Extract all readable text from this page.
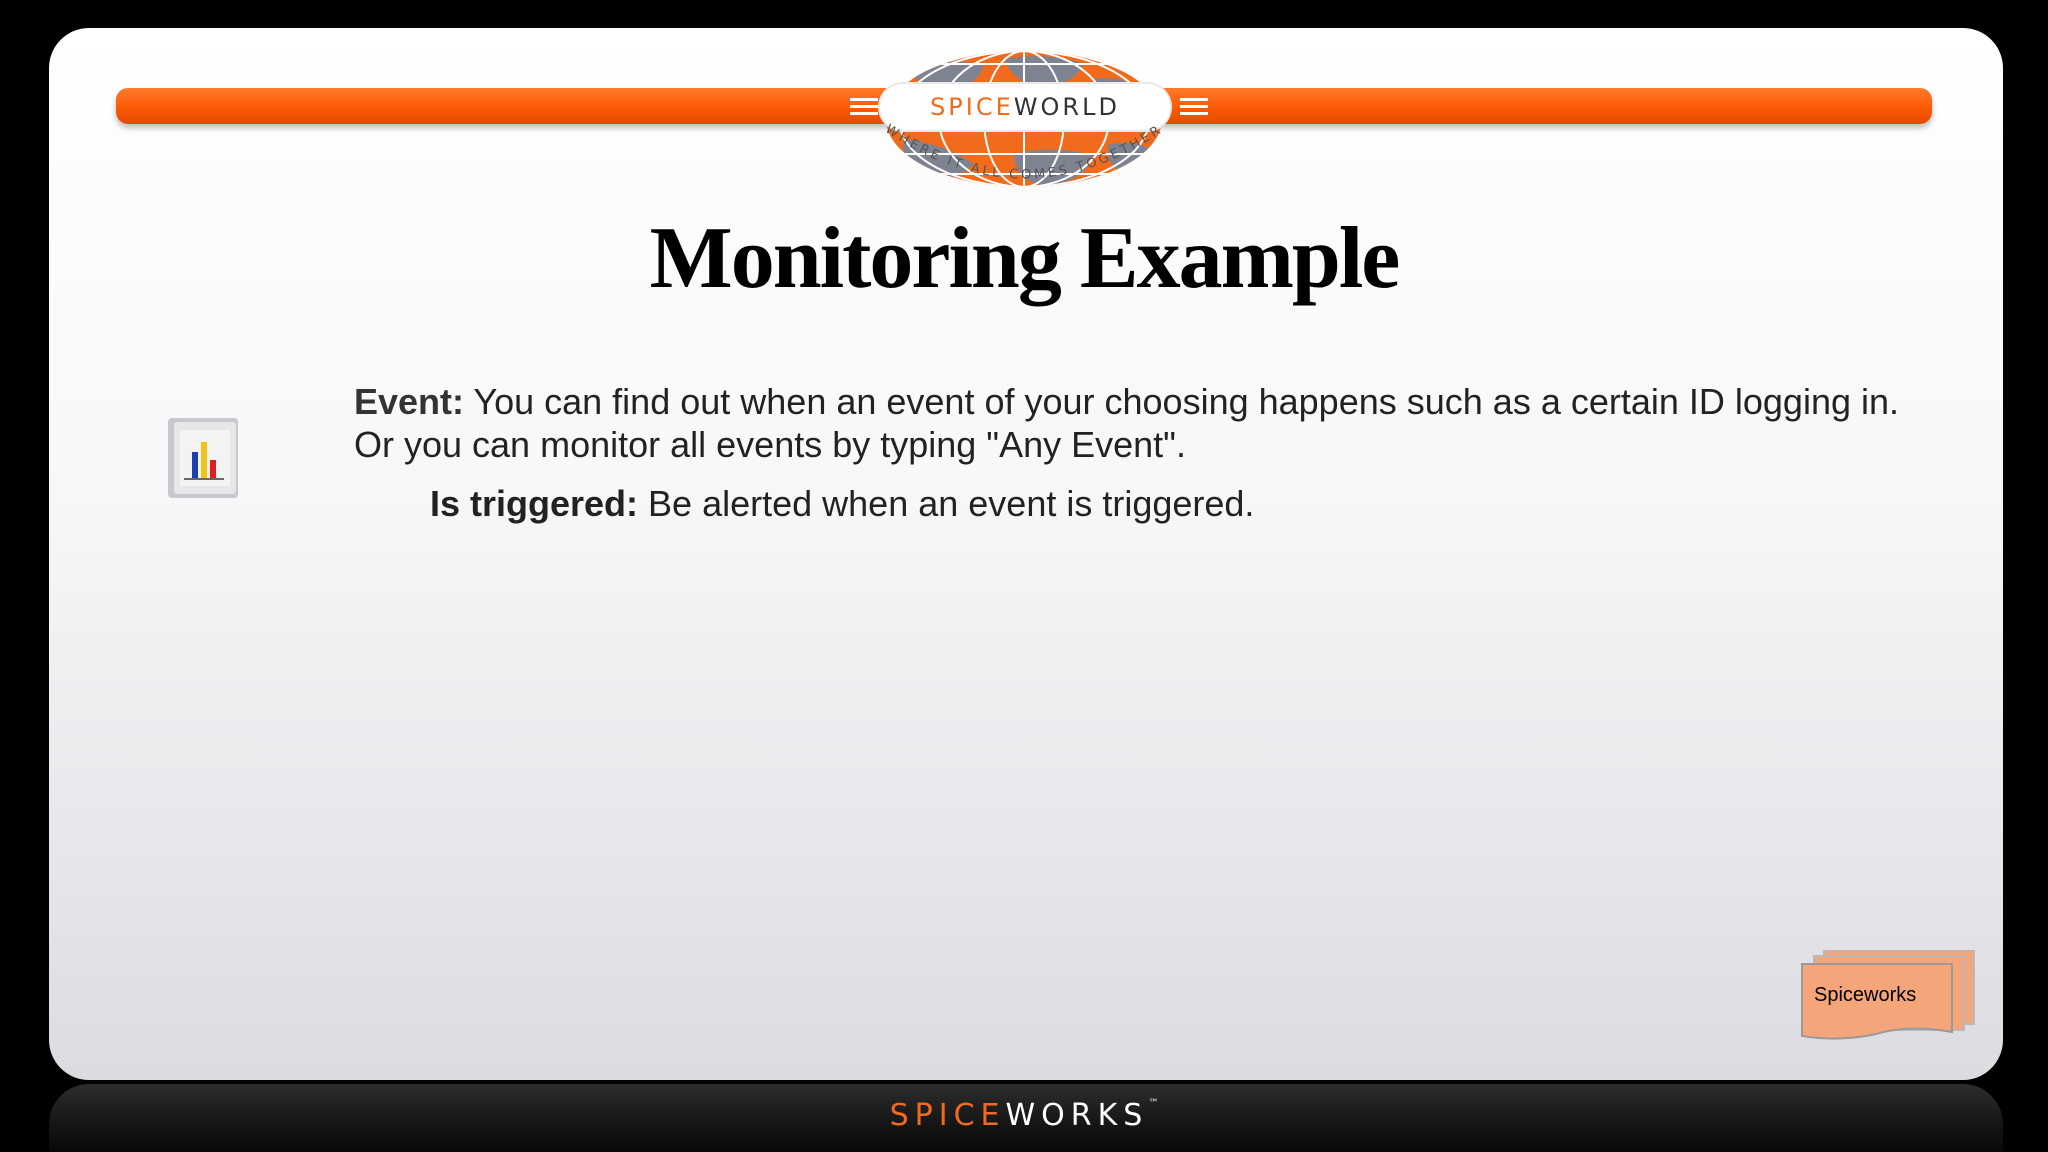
SPICE WORLD
WHERE IT ALL COMES TOGETHER
Monitoring Example
Event: You can find out when an event of your choosing happens such as a certain ID logging in. Or you can monitor all events by typing "Any Event".
Is triggered: Be alerted when an event is triggered.
Spiceworks
SPICEWORKS™
